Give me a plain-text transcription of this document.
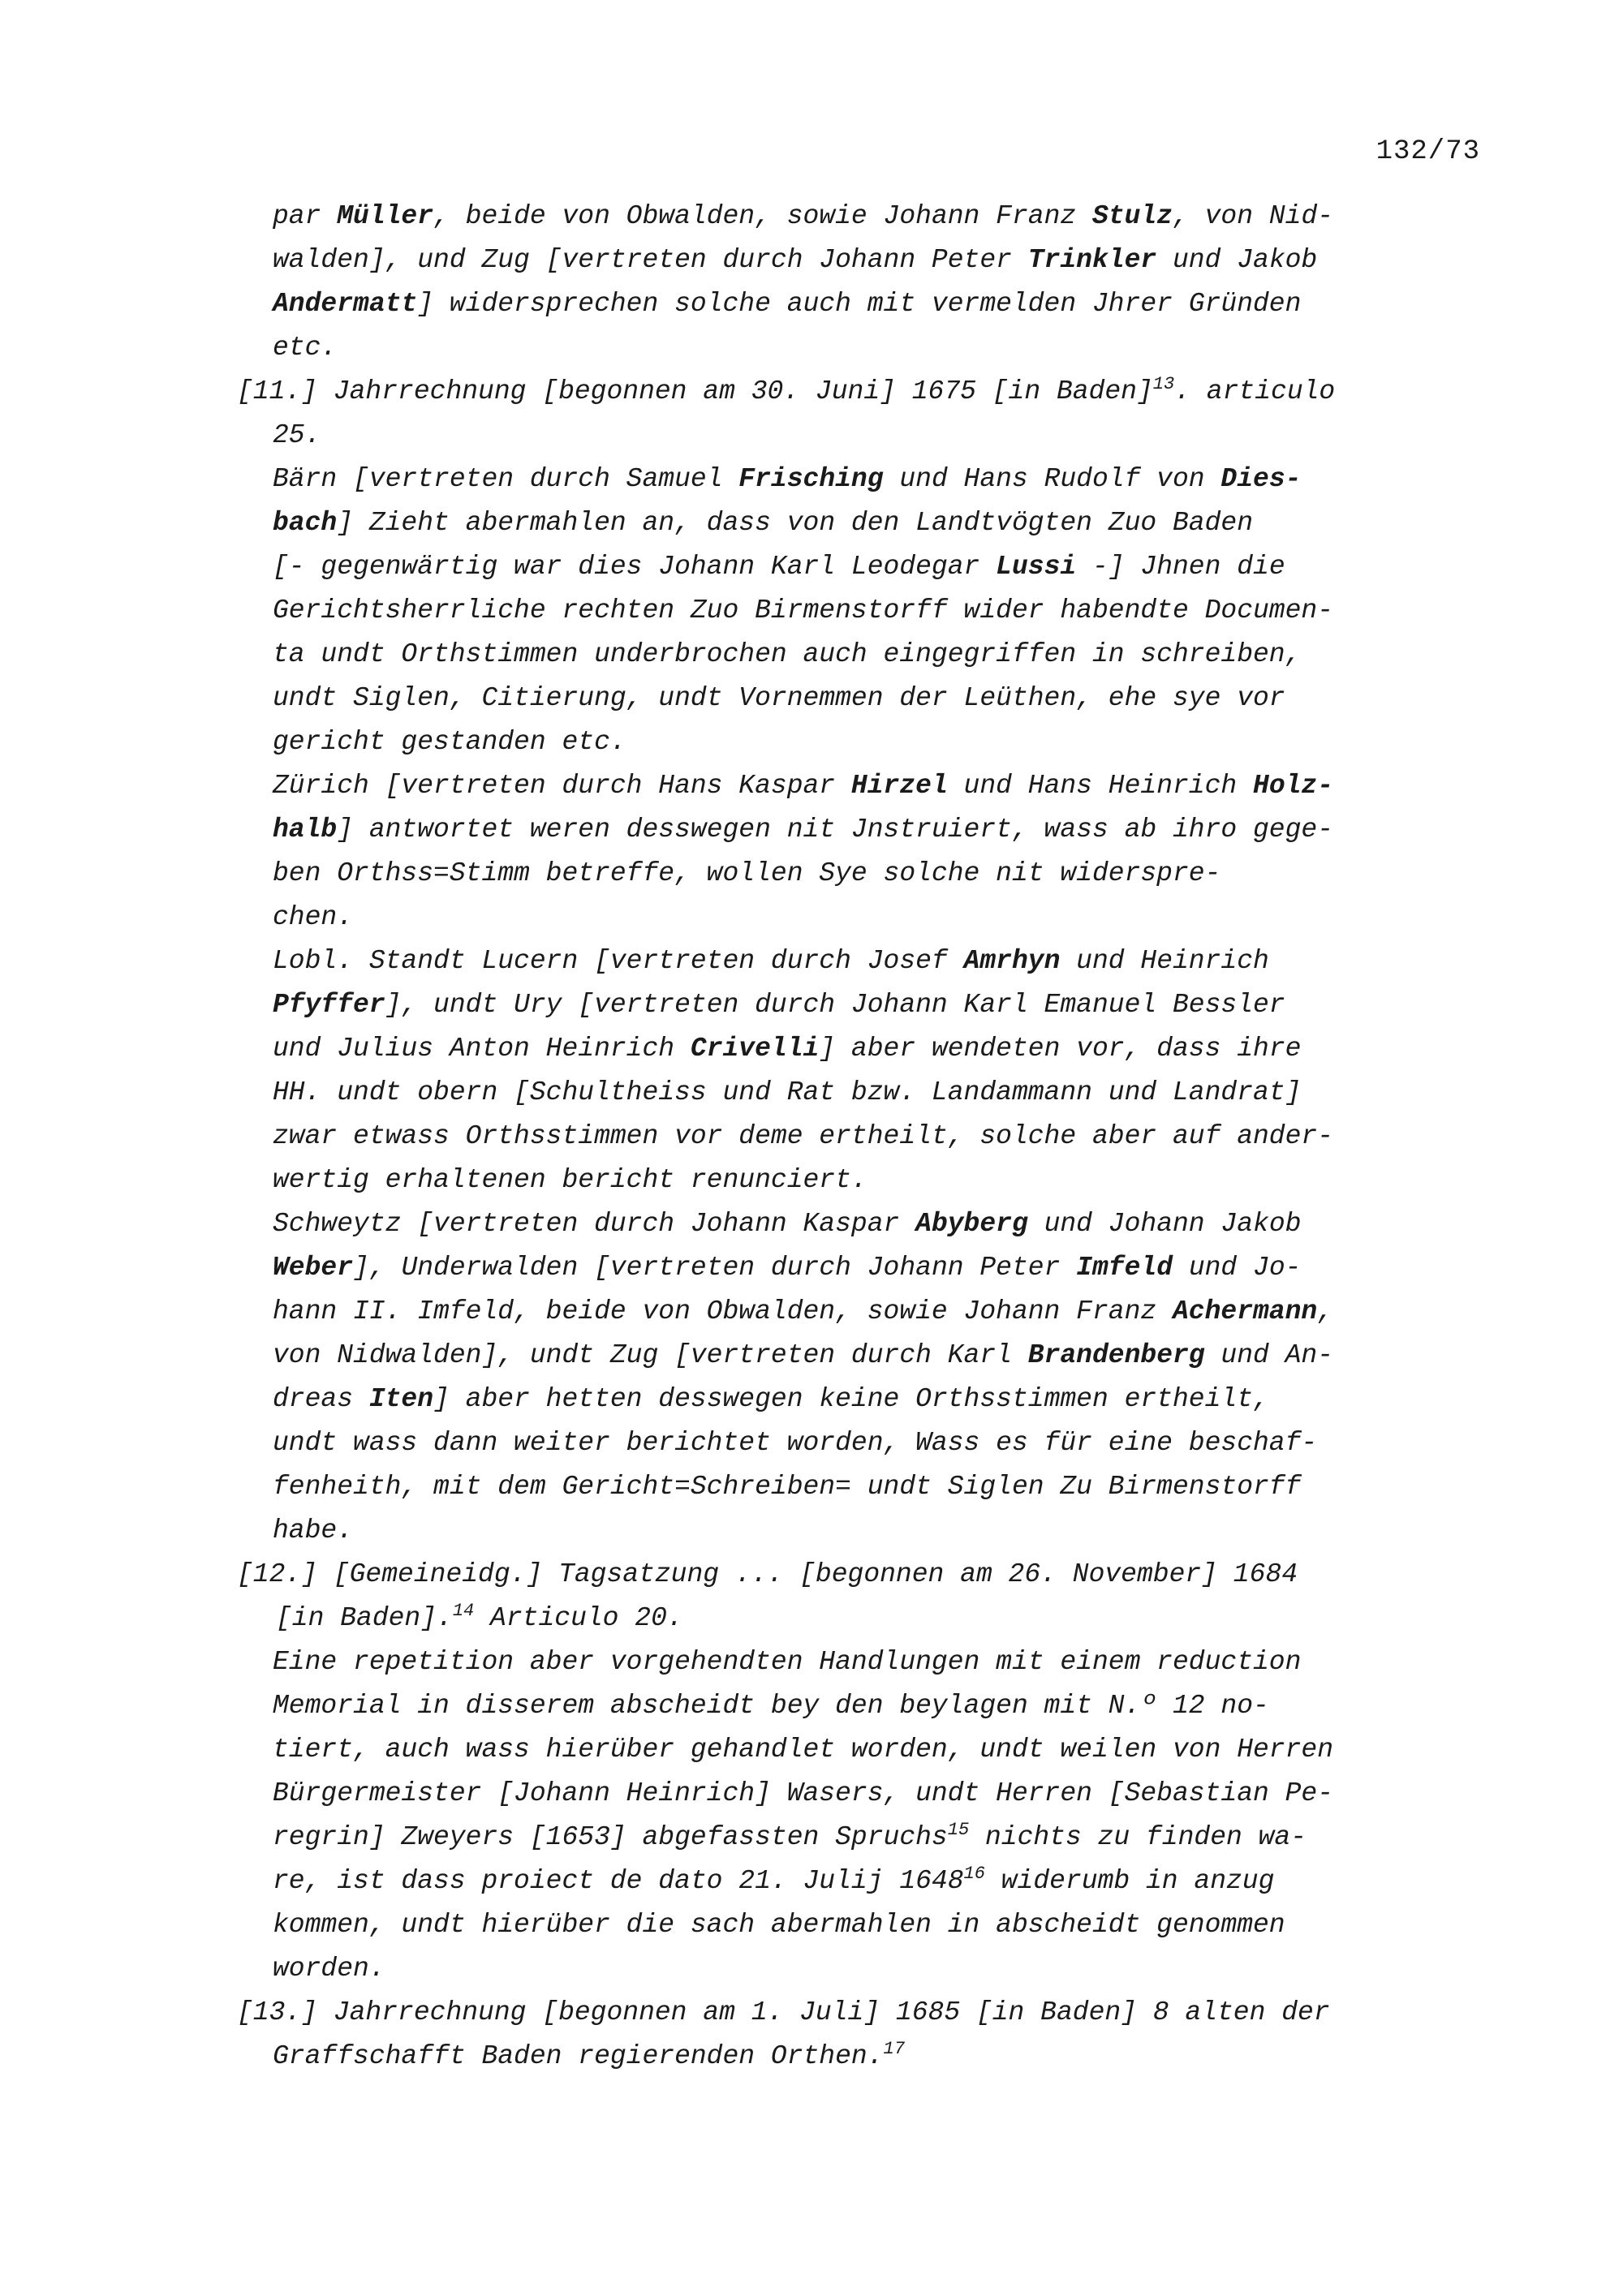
132/73
par Müller, beide von Obwalden, sowie Johann Franz Stulz, von Nid-
walden], und Zug [vertreten durch Johann Peter Trinkler und Jakob
Andermatt] widersprechen solche auch mit vermelden Jhrer Gründen
etc.
[11.] Jahrrechnung [begonnen am 30. Juni] 1675 [in Baden]$^{13}$. articulo
25.
Bärn [vertreten durch Samuel Frisching und Hans Rudolf von Dies-
bach] Zieht abermahlen an, dass von den Landtvögten Zuo Baden
[- gegenwärtig war dies Johann Karl Leodegar Lussi -] Jhnen die
Gerichtsherrliche rechten Zuo Birmenstorff wider habendte Documen-
ta undt Orthstimmen underbrochen auch eingegriffen in schreiben,
undt Siglen, Citierung, undt Vornemmen der Leüthen, ehe sye vor
gericht gestanden etc.
Zürich [vertreten durch Hans Kaspar Hirzel und Hans Heinrich Holz-
halb] antwortet weren desswegen nit Jnstruiert, wass ab ihro gege-
ben Orthss=Stimm betreffe, wollen Sye solche nit widerspre-
chen.
Lobl. Standt Lucern [vertreten durch Josef Amrhyn und Heinrich
Pfyffer], undt Ury [vertreten durch Johann Karl Emanuel Bessler
und Julius Anton Heinrich Crivelli] aber wendeten vor, dass ihre
HH. undt obern [Schultheiss und Rat bzw. Landammann und Landrat]
zwar etwass Orthsstimmen vor deme ertheilt, solche aber auf ander-
wertig erhaltenen bericht renunciert.
Schweytz [vertreten durch Johann Kaspar Abyberg und Johann Jakob
Weber], Underwalden [vertreten durch Johann Peter Imfeld und Jo-
hann II. Imfeld, beide von Obwalden, sowie Johann Franz Achermann,
von Nidwalden], undt Zug [vertreten durch Karl Brandenberg und An-
dreas Iten] aber hetten desswegen keine Orthsstimmen ertheilt,
undt wass dann weiter berichtet worden, Wass es für eine beschaf-
fenheith, mit dem Gericht=Schreiben= undt Siglen Zu Birmenstorff
habe.
[12.] [Gemeineidg.] Tagsatzung ... [begonnen am 26. November] 1684
[in Baden].$^{14}$ Articulo 20.
Eine repetition aber vorgehendten Handlungen mit einem reduction
Memorial in disserem abscheidt bey den beylagen mit N.º 12 no-
tiert, auch wass hierüber gehandlet worden, undt weilen von Herren
Bürgermeister [Johann Heinrich] Wasers, undt Herren [Sebastian Pe-
regrin] Zweyers [1653] abgefassten Spruchs$^{15}$ nichts zu finden wa-
re, ist dass proiect de dato 21. Julij 1648$^{16}$ widerumb in anzug
kommen, undt hierüber die sach abermahlen in abscheidt genommen
worden.
[13.] Jahrrechnung [begonnen am 1. Juli] 1685 [in Baden] 8 alten der
Graffschafft Baden regierenden Orthen.$^{17}$
